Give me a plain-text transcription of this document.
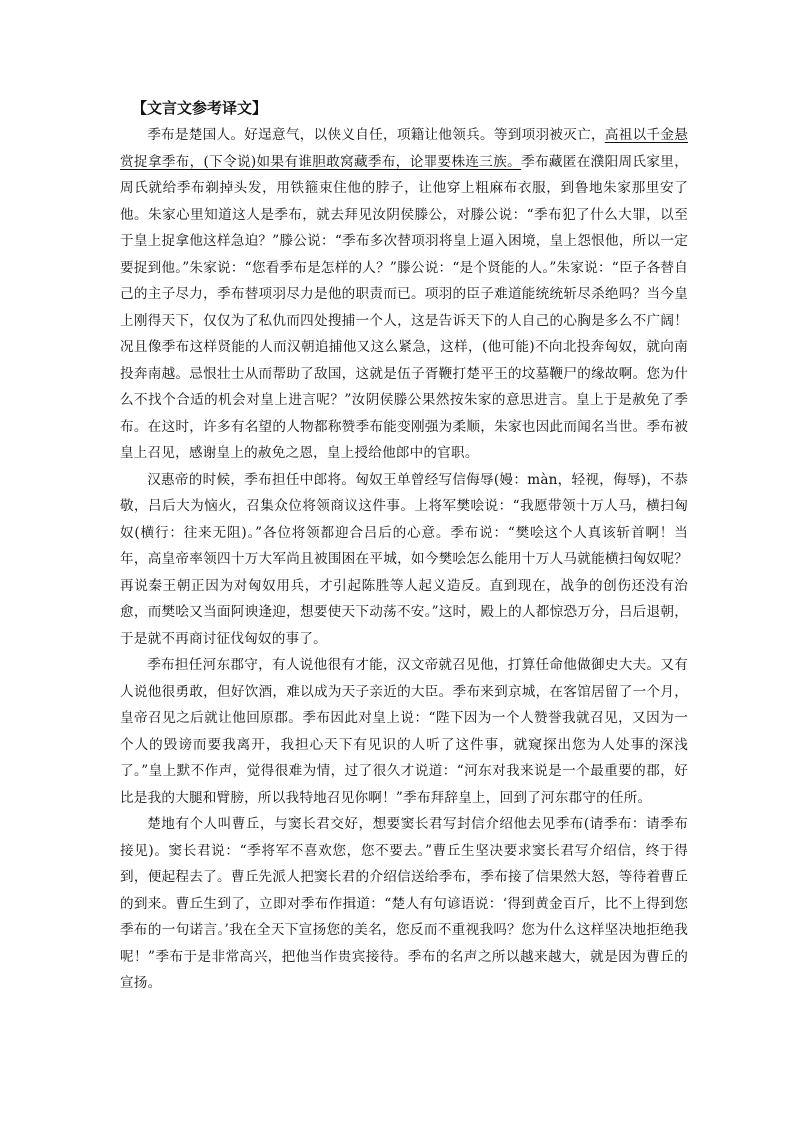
【文言文参考译文】

季布是楚国人。好逞意气，以侠义自任，项籍让他领兵。等到项羽被灭亡，高祖以千金悬赏捉拿季布，(下令说)如果有谁胆敢窝藏季布，论罪要株连三族。季布藏匿在濮阳周氏家里，周氏就给季布剃掉头发，用铁箍束住他的脖子，让他穿上粗麻布衣服，到鲁地朱家那里安了他。朱家心里知道这人是季布，就去拜见汝阴侯滕公，对滕公说：“季布犯了什么大罪，以至于皇上捉拿他这样急迫？”滕公说：“季布多次替项羽将皇上逼入困境，皇上怨恨他，所以一定要捉到他。”朱家说：“您看季布是怎样的人？”滕公说：“是个贤能的人。”朱家说：“臣子各替自己的主子尽力，季布替项羽尽力是他的职责而已。项羽的臣子难道能统统斩尽杀绝吗？当今皇上刚得天下，仅仅为了私仇而四处搜捕一个人，这是告诉天下的人自己的心胸是多么不广阔！况且像季布这样贤能的人而汉朝追捕他又这么紧急，这样，(他可能)不向北投奔匈奴，就向南投奔南越。忌恨壮士从而帮助了敌国，这就是伍子胥鞭打楚平王的坟墓鞭尸的缘故啊。您为什么不找个合适的机会对皇上进言呢？”汝阴侯滕公果然按朱家的意思进言。皇上于是赦免了季布。在这时，许多有名望的人物都称赞季布能变刚强为柔顺，朱家也因此而闻名当世。季布被皇上召见，感谢皇上的赦免之恩，皇上授给他郎中的官职。

汉惠帝的时候，季布担任中郎将。匈奴王单曾经写信侮辱(嫚：màn，轻视，侮辱)，不恭敬，吕后大为恼火，召集众位将领商议这件事。上将军樊哙说：“我愿带领十万人马，横扫匈奴(横行：往来无阻)。”各位将领都迎合吕后的心意。季布说：“樊哙这个人真该斩首啊！当年，高皇帝率领四十万大军尚且被围困在平城，如今樊哙怎么能用十万人马就能横扫匈奴呢？再说秦王朝正因为对匈奴用兵，才引起陈胜等人起义造反。直到现在，战争的创伤还没有治愈，而樊哙又当面阿谀逢迎，想要使天下动荡不安。”这时，殿上的人都惊恐万分，吕后退朝，于是就不再商讨征伐匈奴的事了。

季布担任河东郡守，有人说他很有才能，汉文帝就召见他，打算任命他做御史大夫。又有人说他很勇敢，但好饮酒，难以成为天子亲近的大臣。季布来到京城，在客馆居留了一个月，皇帝召见之后就让他回原郡。季布因此对皇上说：“陛下因为一个人赞誉我就召见，又因为一个人的毁谤而要我离开，我担心天下有见识的人听了这件事，就窥探出您为人处事的深浅了。”皇上默不作声，觉得很难为情，过了很久才说道：“河东对我来说是一个最重要的郡，好比是我的大腿和臂膀，所以我特地召见你啊！”季布拜辞皇上，回到了河东郡守的任所。

楚地有个人叫曹丘，与窦长君交好，想要窦长君写封信介绍他去见季布(请季布：请季布接见)。窦长君说：“季将军不喜欢您，您不要去。”曹丘生坚决要求窦长君写介绍信，终于得到，便起程去了。曹丘先派人把窦长君的介绍信送给季布，季布接了信果然大怒，等待着曹丘的到来。曹丘生到了，立即对季布作揖道：“楚人有句谚语说：‘得到黄金百斤，比不上得到您季布的一句诺言。’我在全天下宣扬您的美名，您反而不重视我吗？您为什么这样坚决地拒绝我呢！”季布于是非常高兴，把他当作贵宾接待。季布的名声之所以越来越大，就是因为曹丘的宣扬。
